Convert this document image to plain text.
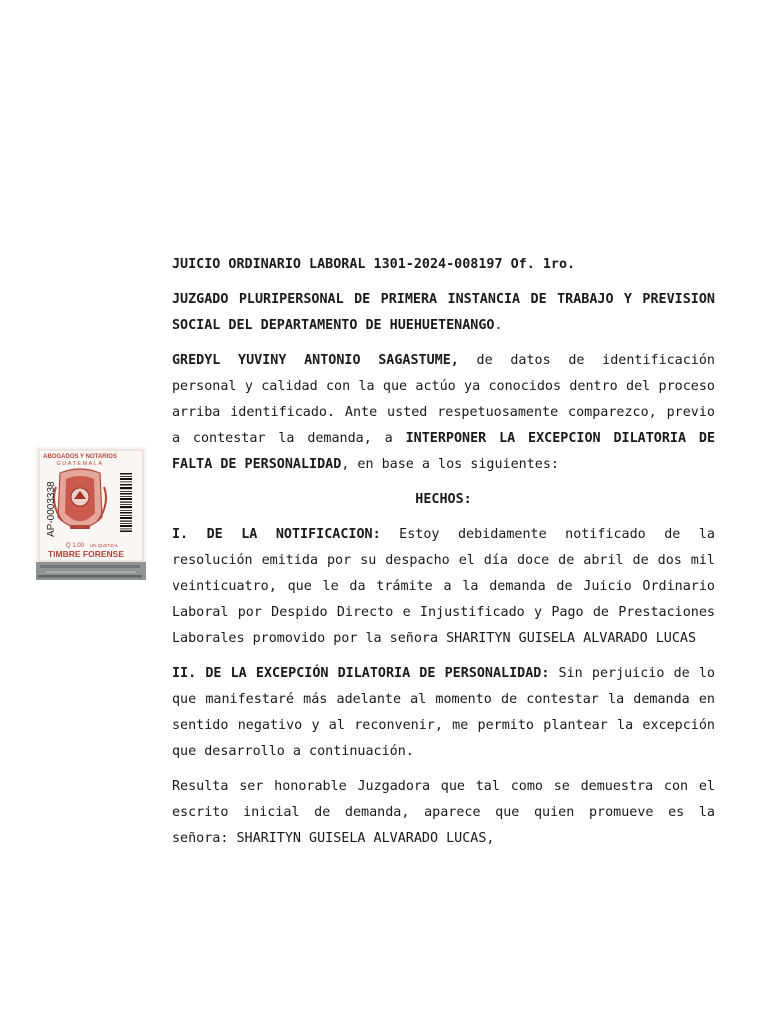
ABOGADOS Y NOTARIOS
GUATEMALA
AP-0003338
Q 1.00 UN QUETZAL
TIMBRE FORENSE

JUICIO ORDINARIO LABORAL 1301-2024-008197 Of. 1ro.

JUZGADO PLURIPERSONAL DE PRIMERA INSTANCIA DE TRABAJO Y PREVISION SOCIAL DEL DEPARTAMENTO DE HUEHUETENANGO.

GREDYL YUVINY ANTONIO SAGASTUME, de datos de identificación personal y calidad con la que actúo ya conocidos dentro del proceso arriba identificado. Ante usted respetuosamente comparezco, previo a contestar la demanda, a INTERPONER LA EXCEPCION DILATORIA DE FALTA DE PERSONALIDAD, en base a los siguientes:

HECHOS:

I. DE LA NOTIFICACION: Estoy debidamente notificado de la resolución emitida por su despacho el día doce de abril de dos mil veinticuatro, que le da trámite a la demanda de Juicio Ordinario Laboral por Despido Directo e Injustificado y Pago de Prestaciones Laborales promovido por la señora SHARITYN GUISELA ALVARADO LUCAS

II. DE LA EXCEPCIÓN DILATORIA DE PERSONALIDAD: Sin perjuicio de lo que manifestaré más adelante al momento de contestar la demanda en sentido negativo y al reconvenir, me permito plantear la excepción que desarrollo a continuación.

Resulta ser honorable Juzgadora que tal como se demuestra con el escrito inicial de demanda, aparece que quien promueve es la señora: SHARITYN GUISELA ALVARADO LUCAS,
